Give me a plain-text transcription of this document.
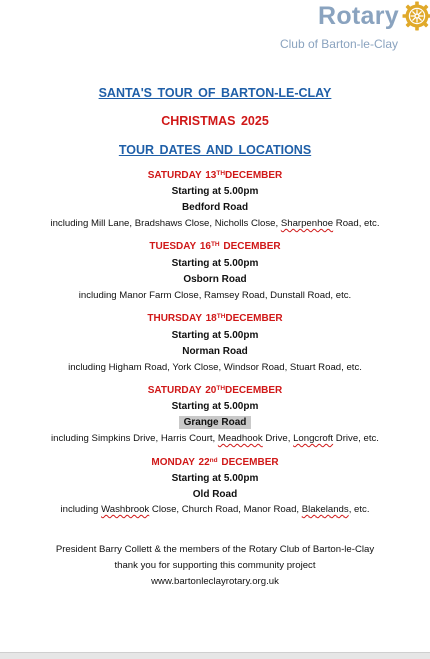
Rotary
Club of Barton-le-Clay
SANTA'S TOUR OF BARTON-LE-CLAY
CHRISTMAS 2025
TOUR DATES AND LOCATIONS
SATURDAY 13THDECEMBER
Starting at 5.00pm
Bedford Road
including Mill Lane, Bradshaws Close, Nicholls Close, Sharpenhoe Road, etc.
TUESDAY 16TH DECEMBER
Starting at 5.00pm
Osborn Road
including Manor Farm Close, Ramsey Road, Dunstall Road, etc.
THURSDAY 18THDECEMBER
Starting at 5.00pm
Norman Road
including Higham Road, York Close, Windsor Road, Stuart Road, etc.
SATURDAY 20THDECEMBER
Starting at 5.00pm
Grange Road
including Simpkins Drive, Harris Court, Meadhook Drive, Longcroft Drive, etc.
MONDAY 22nd DECEMBER
Starting at 5.00pm
Old Road
including Washbrook Close, Church Road, Manor Road, Blakelands, etc.
President Barry Collett & the members of the Rotary Club of Barton-le-Clay
thank you for supporting this community project
www.bartonleclayrotary.org.uk
